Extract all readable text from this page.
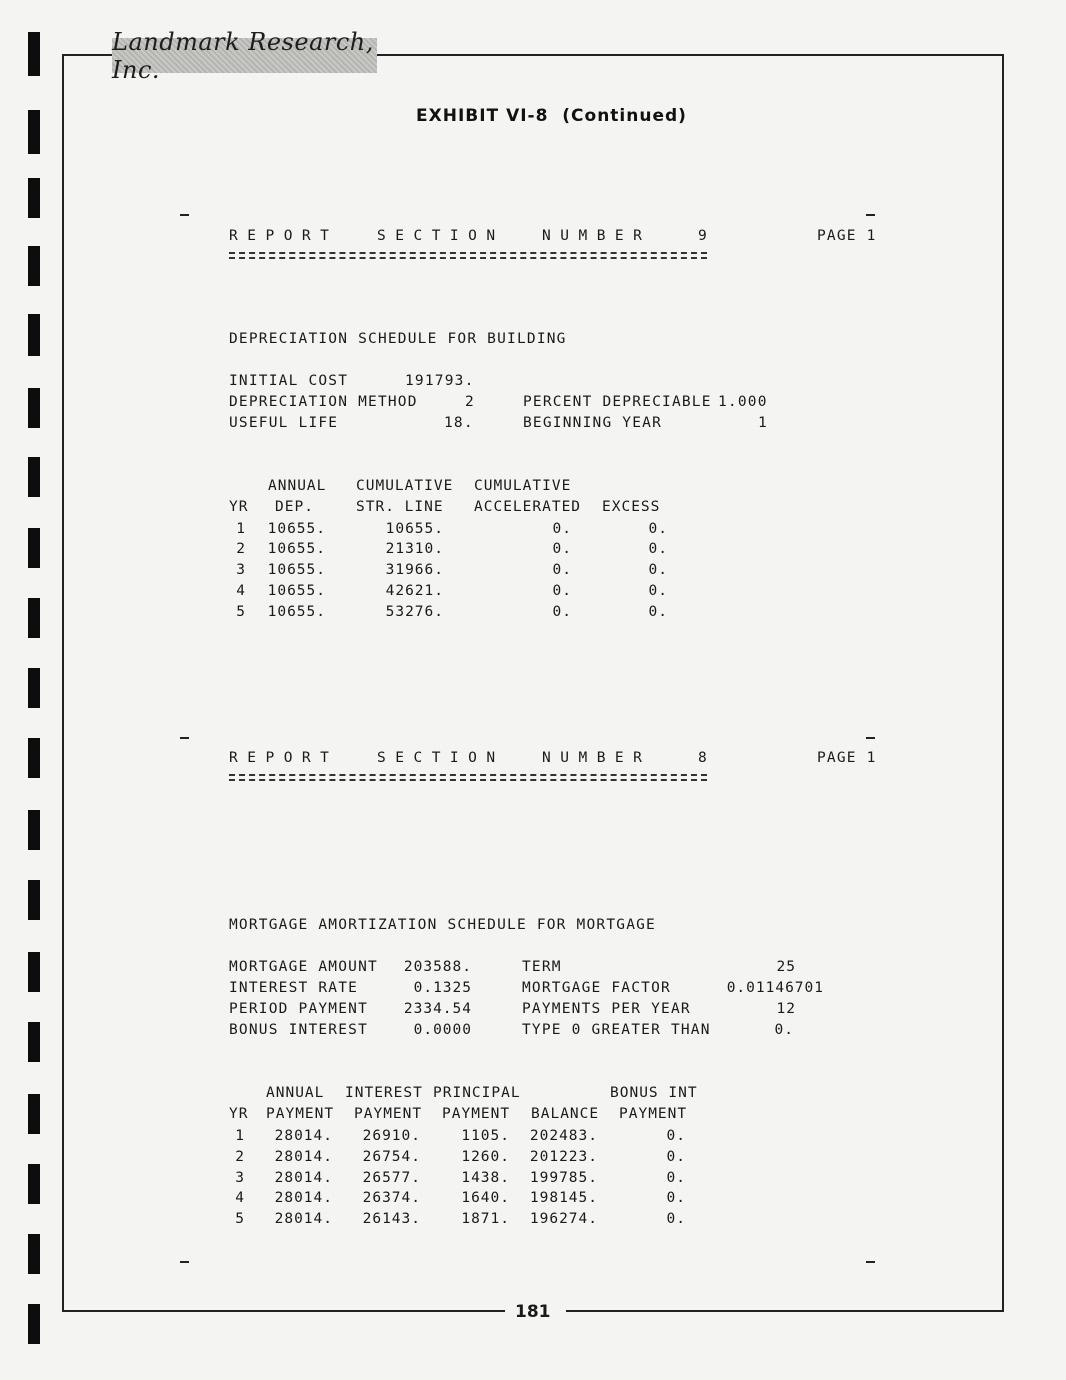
Landmark Research, Inc.
EXHIBIT VI-8  (Continued)
REPORT	SECTION	NUMBER	9	PAGE 1
DEPRECIATION SCHEDULE FOR BUILDING
INITIAL COST	191793.
DEPRECIATION METHOD	2	PERCENT DEPRECIABLE 1.000
USEFUL LIFE	18.	BEGINNING YEAR	1
ANNUAL CUMULATIVE CUMULATIVE
YR DEP.	STR. LINE ACCELERATED EXCESS
1 10655.	10655.	0.	0.
2 10655.	21310.	0.	0.
3 10655.	31966.	0.	0.
4 10655.	42621.	0.	0.
5 10655.	53276.	0.	0.
REPORT	SECTION	NUMBER	8	PAGE 1
MORTGAGE AMORTIZATION SCHEDULE FOR MORTGAGE
MORTGAGE AMOUNT 203588.	TERM	25
INTEREST RATE	0.1325	MORTGAGE FACTOR	0.01146701
PERIOD PAYMENT 2334.54	PAYMENTS PER YEAR	12
BONUS INTEREST	0.0000	TYPE 0 GREATER THAN	0.
ANNUAL INTEREST PRINCIPAL	BONUS INT
YR PAYMENT PAYMENT PAYMENT BALANCE PAYMENT
1 28014. 26910.	1105. 202483.	0.
2 28014. 26754.	1260. 201223.	0.
3 28014. 26577.	1438. 199785.	0.
4 28014. 26374.	1640. 198145.	0.
5 28014. 26143.	1871. 196274.	0.
181
